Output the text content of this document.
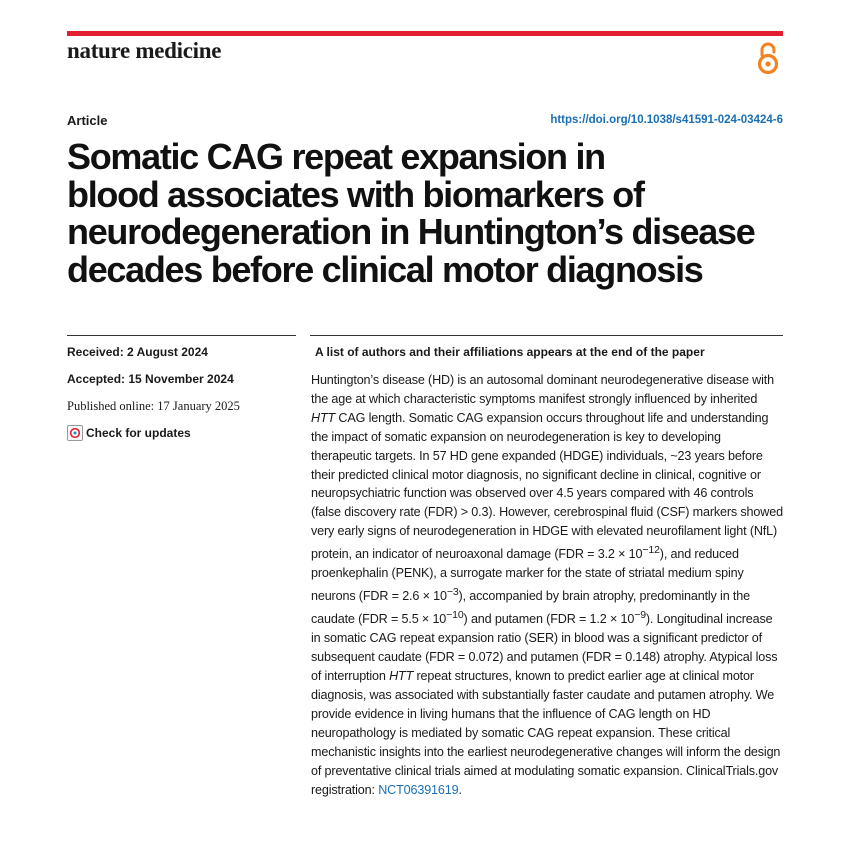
nature medicine
Article	https://doi.org/10.1038/s41591-024-03424-6
Somatic CAG repeat expansion in
blood associates with biomarkers of
neurodegeneration in Huntington’s disease
decades before clinical motor diagnosis
Received: 2 August 2024
Accepted: 15 November 2024
Published online: 17 January 2025
Check for updates
A list of authors and their affiliations appears at the end of the paper

Huntington’s disease (HD) is an autosomal dominant neurodegenerative disease with the age at which characteristic symptoms manifest strongly influenced by inherited HTT CAG length. Somatic CAG expansion occurs throughout life and understanding the impact of somatic expansion on neurodegeneration is key to developing therapeutic targets. In 57 HD gene expanded (HDGE) individuals, ~23 years before their predicted clinical motor diagnosis, no significant decline in clinical, cognitive or neuropsychiatric function was observed over 4.5 years compared with 46 controls (false discovery rate (FDR) > 0.3). However, cerebrospinal fluid (CSF) markers showed very early signs of neurodegeneration in HDGE with elevated neurofilament light (NfL) protein, an indicator of neuroaxonal damage $(FDR = 3.2 \times 10^{-12})$, and reduced proenkephalin (PENK), a surrogate marker for the state of striatal medium spiny neurons $(FDR = 2.6 \times 10^{-3})$, accompanied by brain atrophy, predominantly in the caudate $(FDR = 5.5 \times 10^{-10})$ and putamen $(FDR = 1.2 \times 10^{-9})$. Longitudinal increase in somatic CAG repeat expansion ratio (SER) in blood was a significant predictor of subsequent caudate (FDR = 0.072) and putamen (FDR = 0.148) atrophy. Atypical loss of interruption HTT repeat structures, known to predict earlier age at clinical motor diagnosis, was associated with substantially faster caudate and putamen atrophy. We provide evidence in living humans that the influence of CAG length on HD neuropathology is mediated by somatic CAG repeat expansion. These critical mechanistic insights into the earliest neurodegenerative changes will inform the design of preventative clinical trials aimed at modulating somatic expansion. ClinicalTrials.gov registration: NCT06391619.
